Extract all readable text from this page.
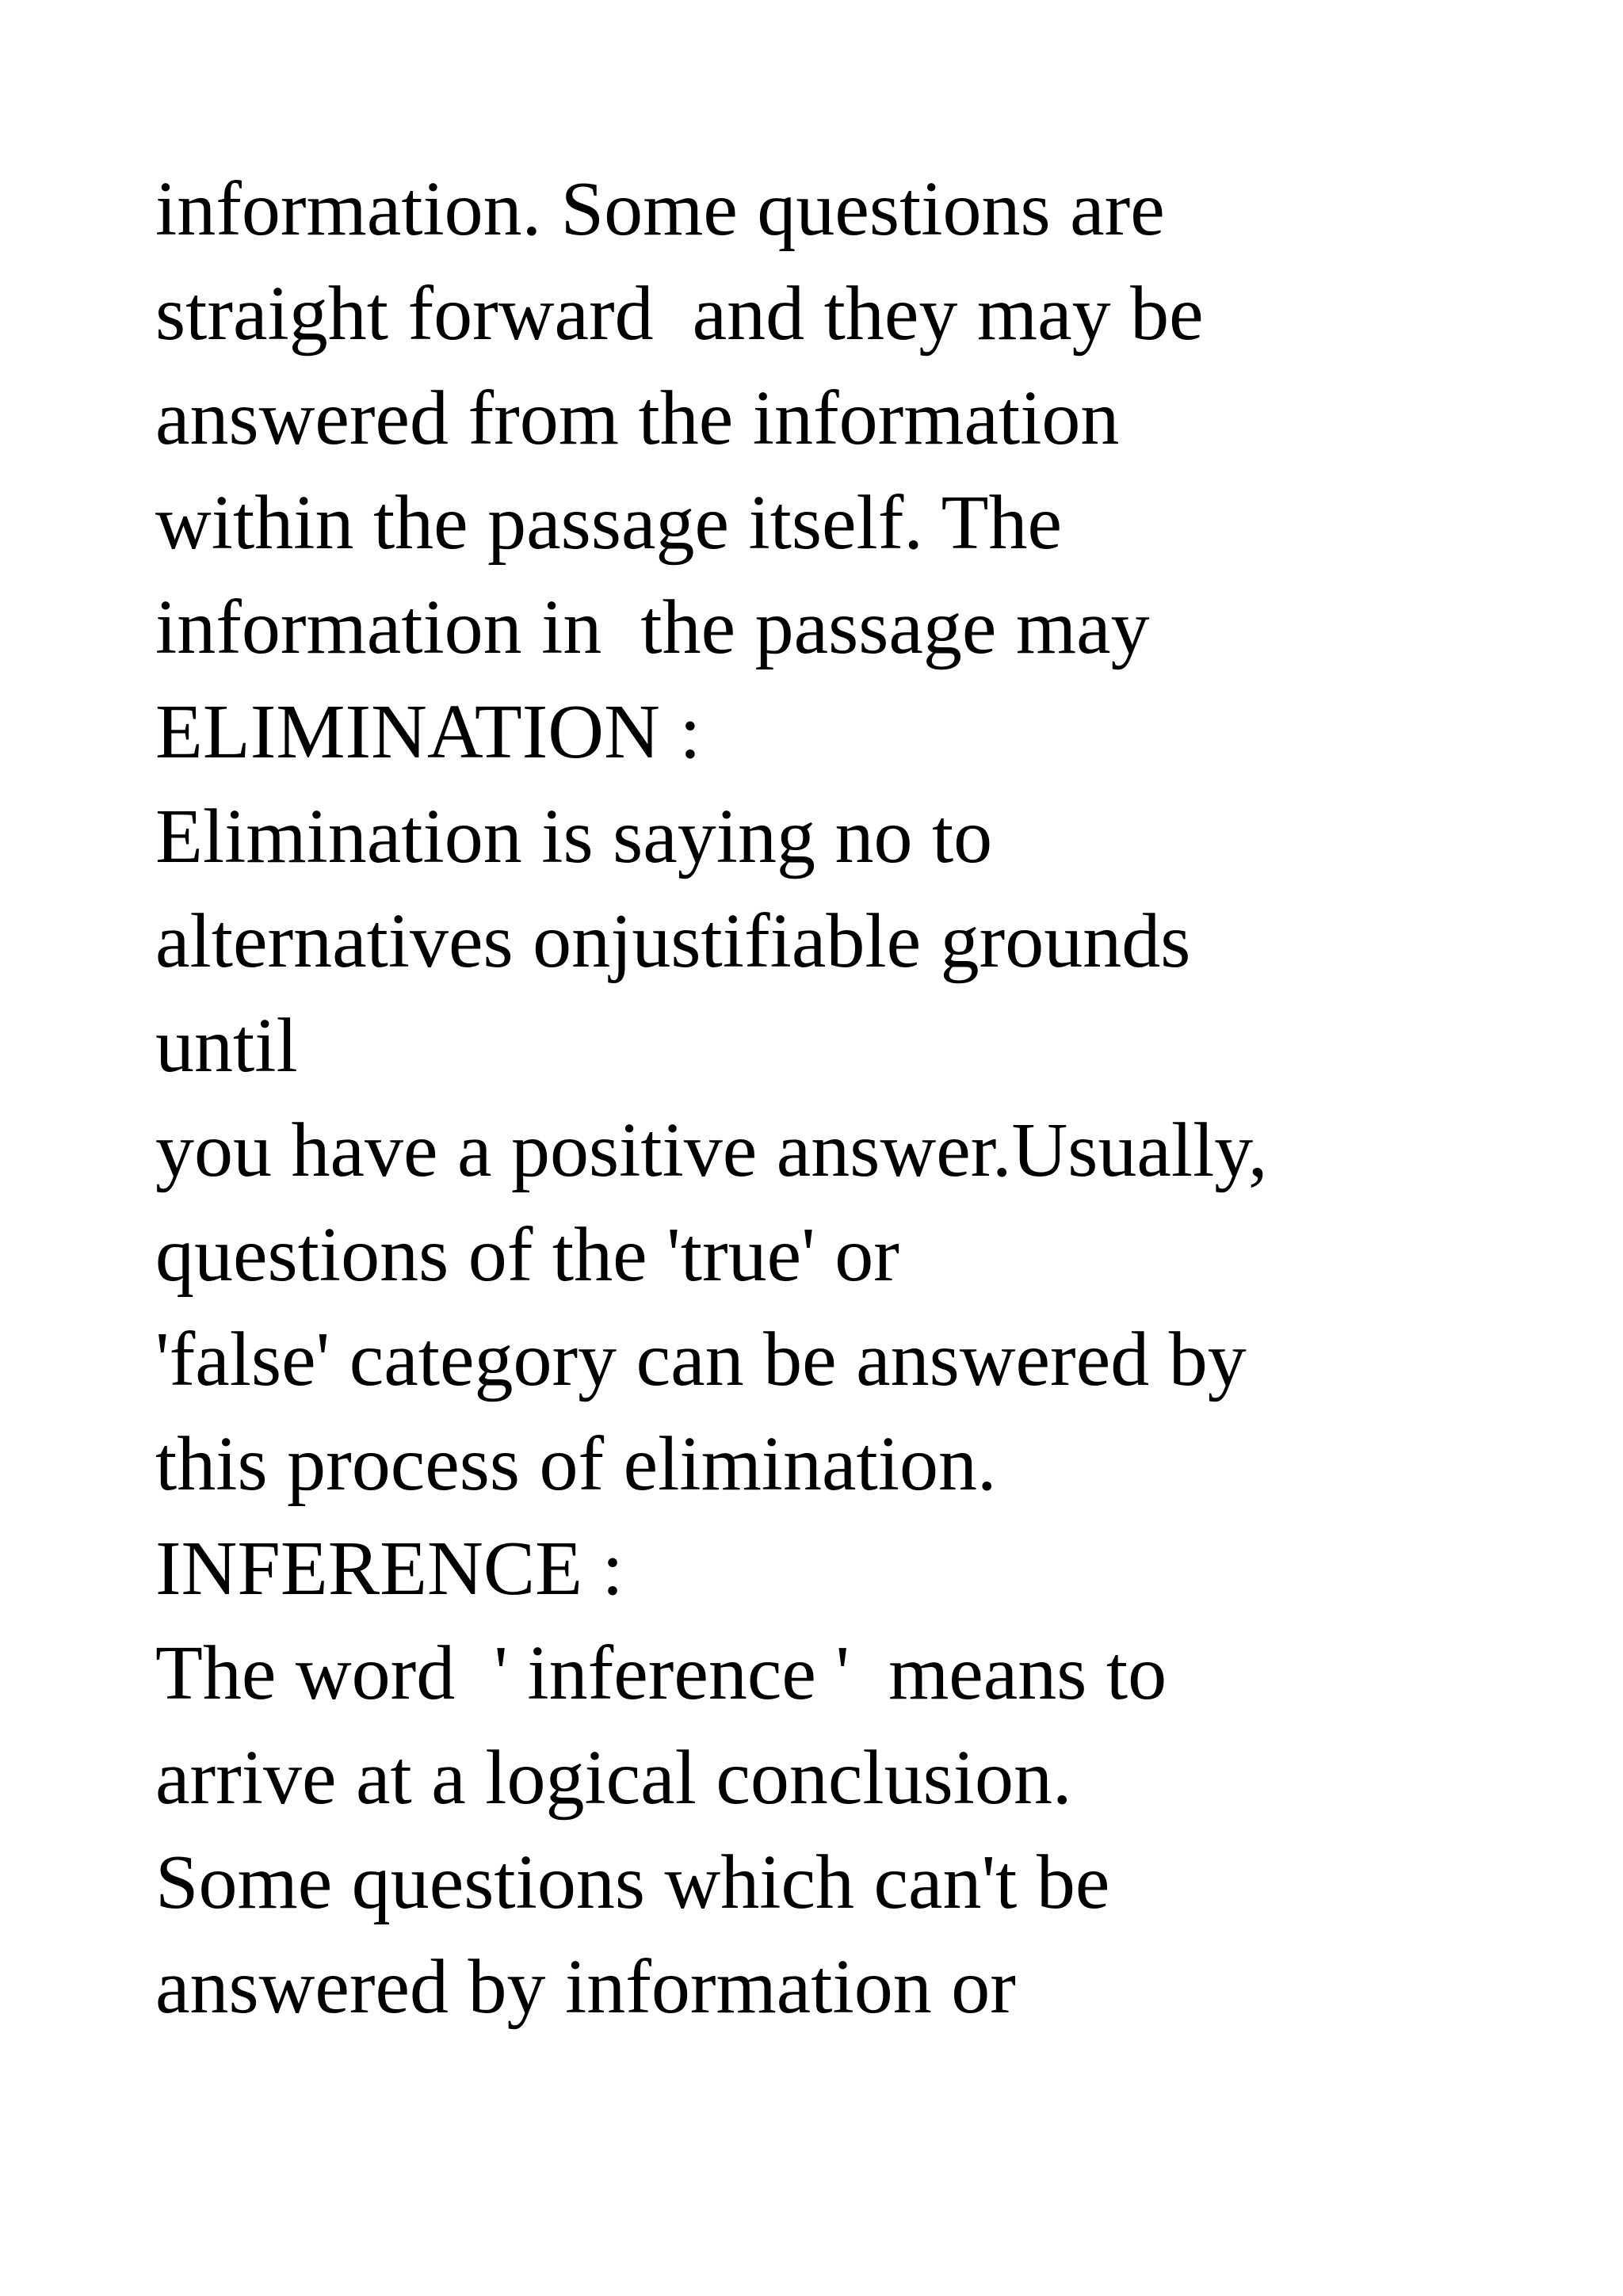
information. Some questions are
straight forward  and they may be
answered from the information
within the passage itself. The
information in  the passage may
ELIMINATION :
Elimination is saying no to
alternatives onjustifiable grounds
until
you have a positive answer.Usually,
questions of the 'true' or
'false' category can be answered by
this process of elimination.
INFERENCE :
The word  ' inference '  means to
arrive at a logical conclusion.
Some questions which can't be
answered by information or
